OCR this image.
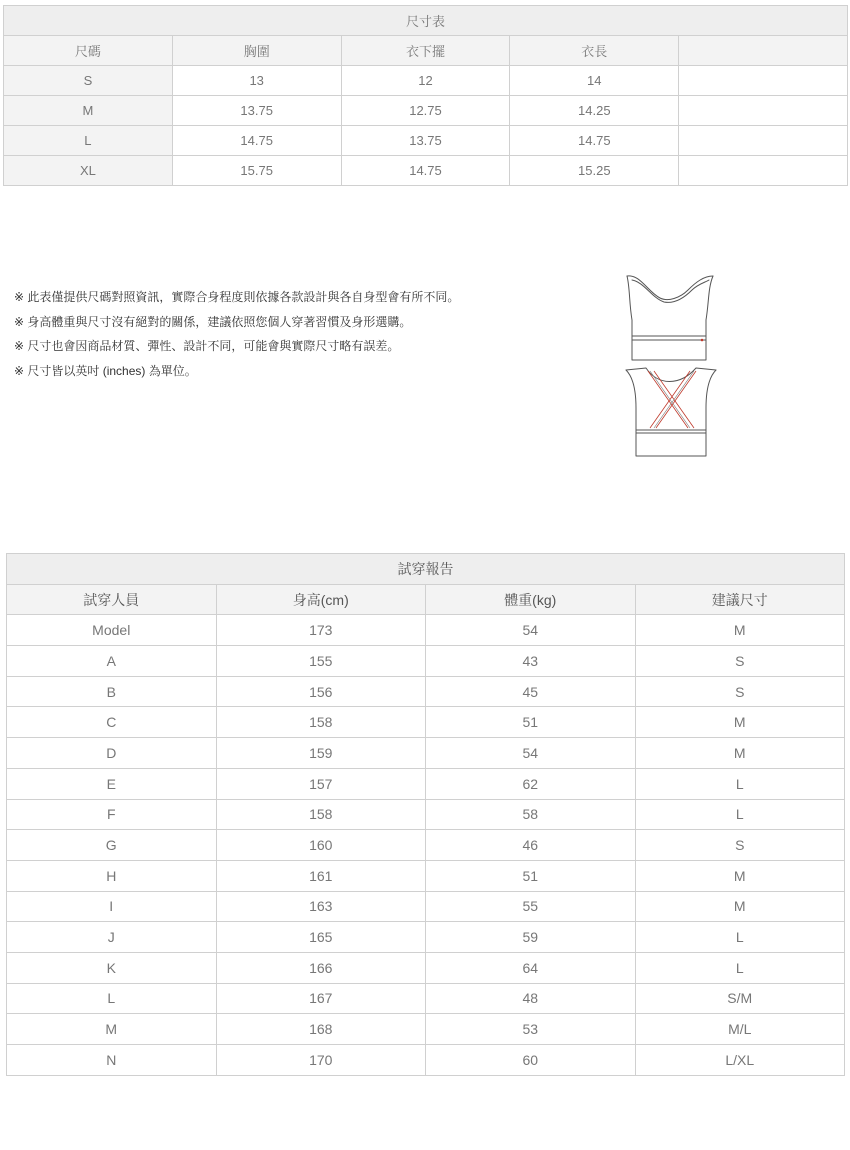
尺寸表				
尺碼	胸圍	衣下擺	衣長	
S	13	12	14	
M	13.75	12.75	14.25	
L	14.75	13.75	14.75	
XL	15.75	14.75	15.25	

※ 此表僅提供尺碼對照資訊，實際合身程度則依據各款設計與各自身型會有所不同。

※ 身高體重與尺寸沒有絕對的關係，建議依照您個人穿著習慣及身形選購。

※ 尺寸也會因商品材質、彈性、設計不同，可能會與實際尺寸略有誤差。

※ 尺寸皆以英吋 (inches) 為單位。

試穿報告			
試穿人員	身高(cm)	體重(kg)	建議尺寸
Model	173	54	M
A	155	43	S
B	156	45	S
C	158	51	M
D	159	54	M
E	157	62	L
F	158	58	L
G	160	46	S
H	161	51	M
I	163	55	M
J	165	59	L
K	166	64	L
L	167	48	S/M
M	168	53	M/L
N	170	60	L/XL
